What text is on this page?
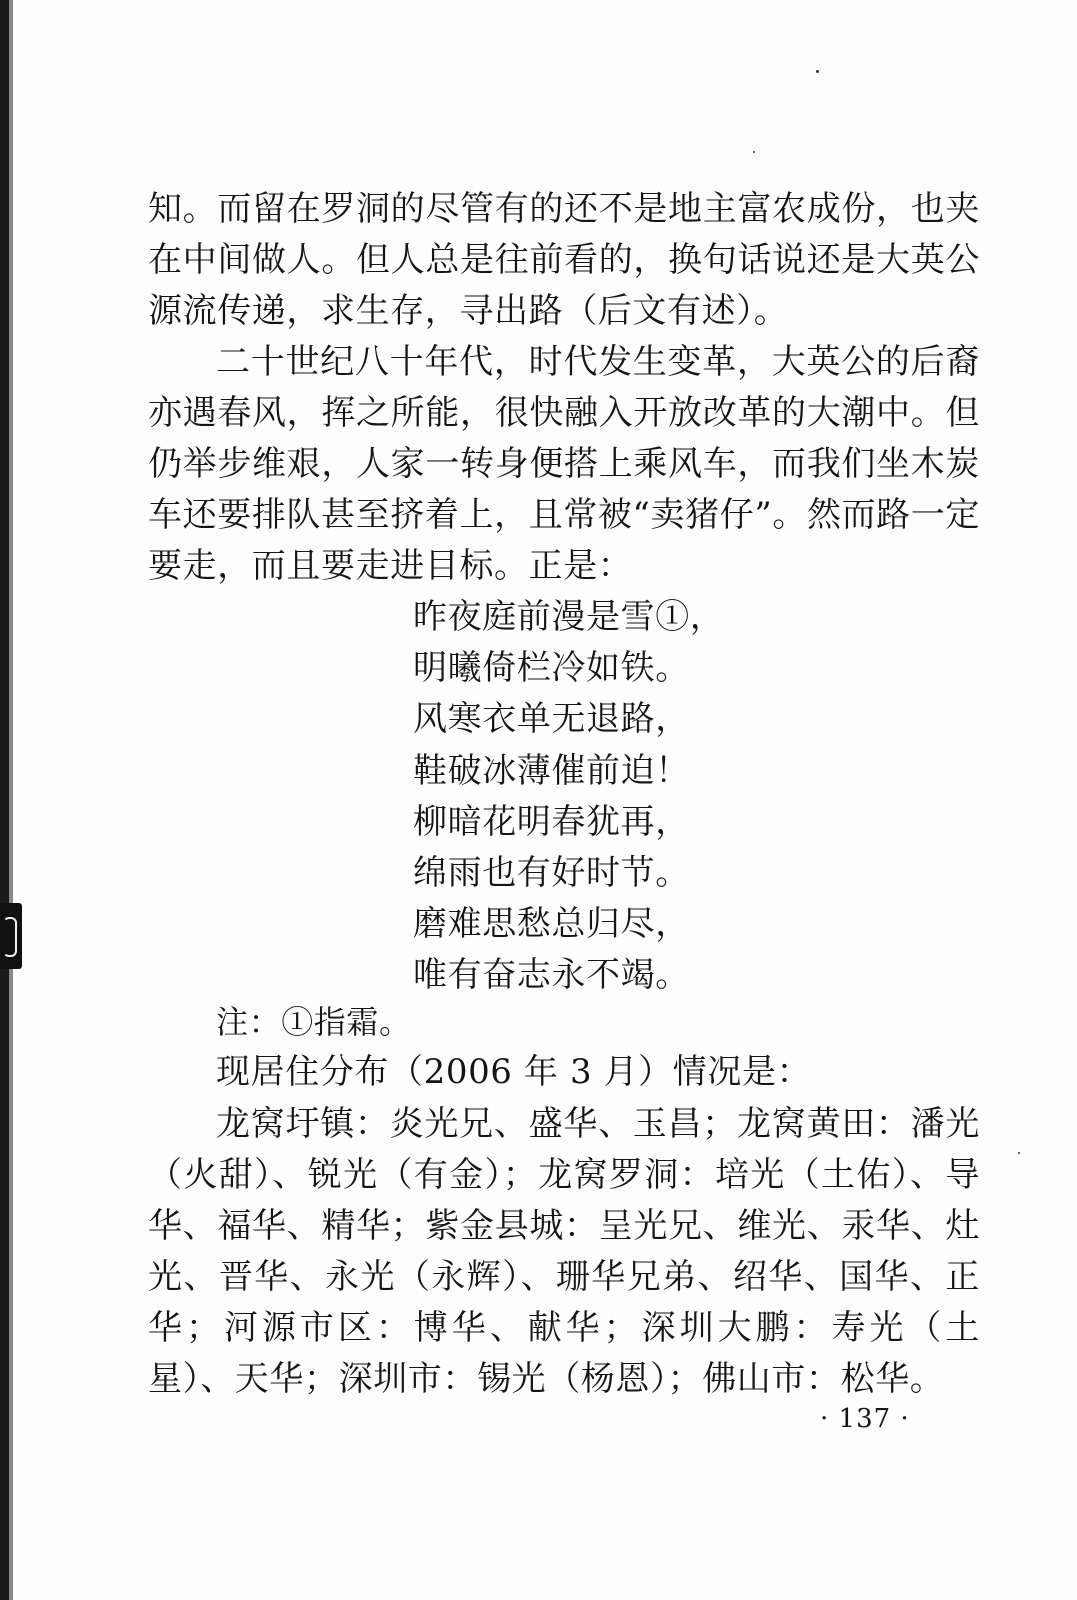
知。而留在罗洞的尽管有的还不是地主富农成份，也夹在中间做人。但人总是往前看的，换句话说还是大英公源流传递，求生存，寻出路（后文有述）。

二十世纪八十年代，时代发生变革，大英公的后裔亦遇春风，挥之所能，很快融入开放改革的大潮中。但仍举步维艰，人家一转身便搭上乘风车，而我们坐木炭车还要排队甚至挤着上，且常被“卖猪仔”。然而路一定要走，而且要走进目标。正是：

昨夜庭前漫是雪①，
明曦倚栏冷如铁。
风寒衣单无退路，
鞋破冰薄催前迫！
柳暗花明春犹再，
绵雨也有好时节。
磨难思愁总归尽，
唯有奋志永不竭。
注：①指霜。
现居住分布（2006 年 3 月）情况是：

龙窝圩镇：炎光兄、盛华、玉昌；龙窝黄田：潘光（火甜）、锐光（有金）；龙窝罗洞：培光（土佑）、导华、福华、精华；紫金县城：呈光兄、维光、汞华、灶光、晋华、永光（永辉）、珊华兄弟、绍华、国华、正华；河源市区：博华、献华；深圳大鹏：寿光（土星）、天华；深圳市：锡光（杨恩）；佛山市：松华。

· 137 ·
